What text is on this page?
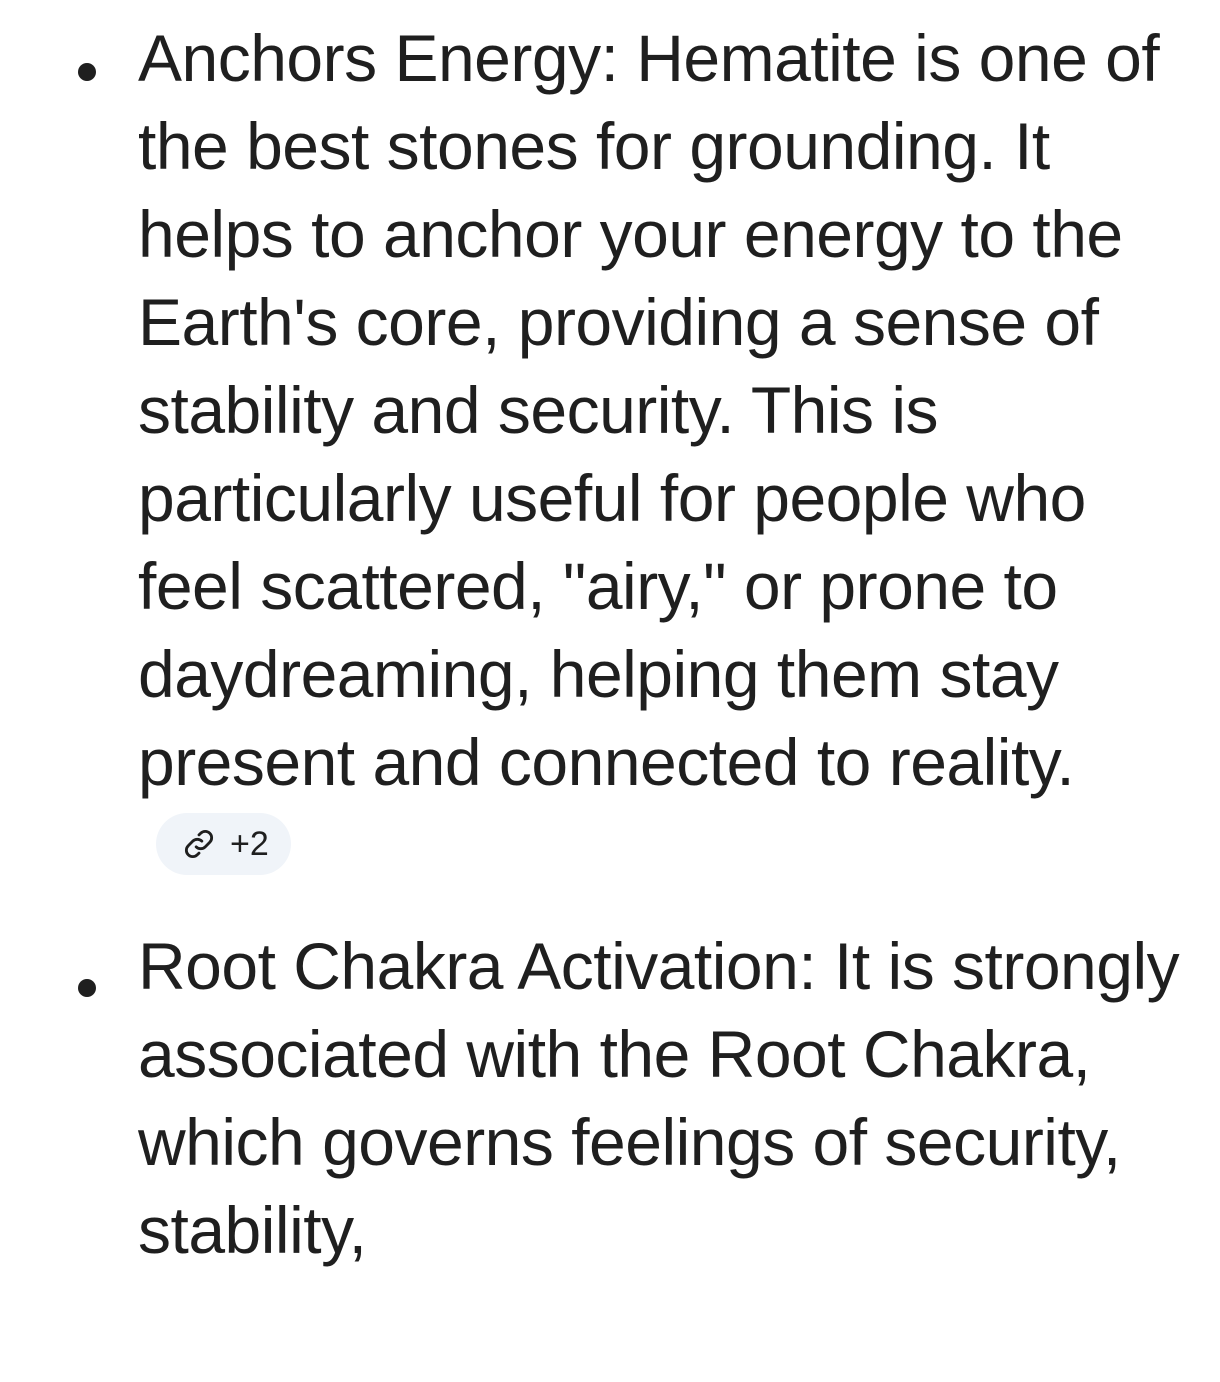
Anchors Energy: Hematite is one of the best stones for grounding. It helps to anchor your energy to the Earth's core, providing a sense of stability and security. This is particularly useful for people who feel scattered, "airy," or prone to daydreaming, helping them stay present and connected to reality.
+2
Root Chakra Activation: It is strongly associated with the Root Chakra, which governs feelings of security, stability,
